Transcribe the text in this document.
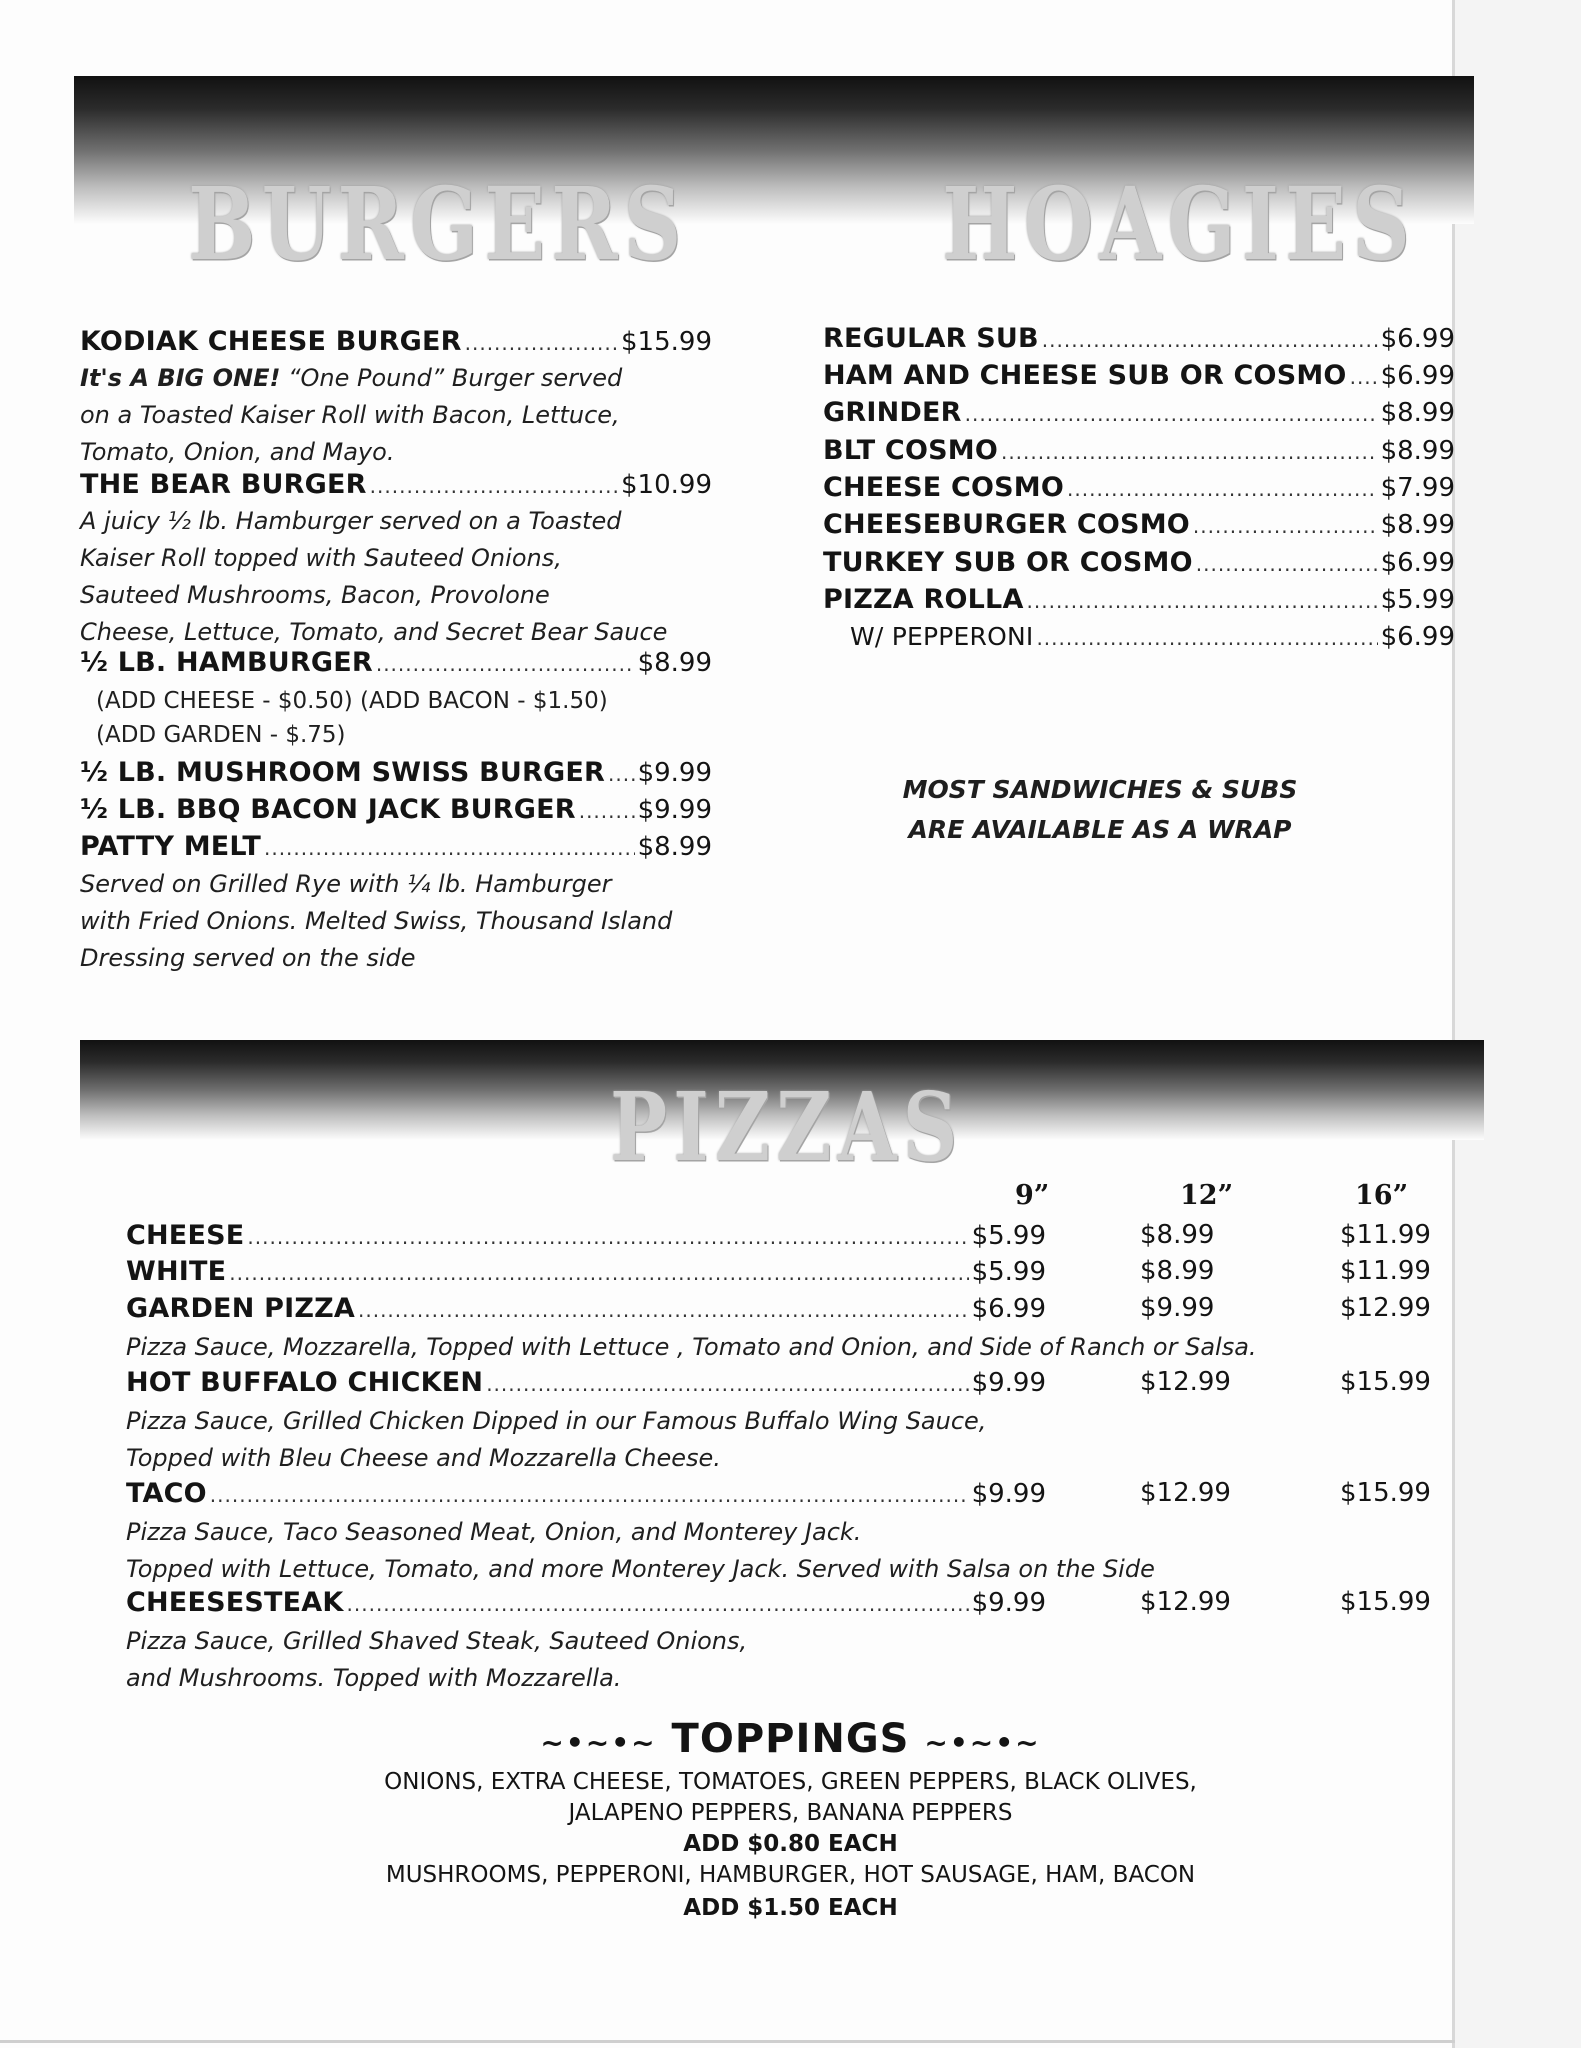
BURGERS	HOAGIES
KODIAK CHEESE BURGER .....	$15.99
It's A BIG ONE! “One Pound” Burger served
on a Toasted Kaiser Roll with Bacon, Lettuce,
Tomato, Onion, and Mayo.
THE BEAR BURGER .....	$10.99
A juicy ½ lb. Hamburger served on a Toasted
Kaiser Roll topped with Sauteed Onions,
Sauteed Mushrooms, Bacon, Provolone
Cheese, Lettuce, Tomato, and Secret Bear Sauce
½ LB. HAMBURGER .....	$8.99
(ADD CHEESE - $0.50) (ADD BACON - $1.50)
(ADD GARDEN - $.75)
½ LB. MUSHROOM SWISS BURGER ..... $9.99
½ LB. BBQ BACON JACK BURGER ..... $9.99
PATTY MELT .....	$8.99
Served on Grilled Rye with ¼ lb. Hamburger
with Fried Onions. Melted Swiss, Thousand Island
Dressing served on the side
REGULAR SUB .....	$6.99
HAM AND CHEESE SUB OR COSMO ..... $6.99
GRINDER .....	$8.99
BLT COSMO .....	$8.99
CHEESE COSMO .....	$7.99
CHEESEBURGER COSMO .....	$8.99
TURKEY SUB OR COSMO .....	$6.99
PIZZA ROLLA .....	$5.99
W/ PEPPERONI .....	$6.99
MOST SANDWICHES & SUBS
ARE AVAILABLE AS A WRAP
PIZZAS
9”	12”	16”
CHEESE .....	$5.99	$8.99	$11.99
WHITE .....	$5.99	$8.99	$11.99
GARDEN PIZZA .....	$6.99	$9.99	$12.99
Pizza Sauce, Mozzarella, Topped with Lettuce , Tomato and Onion, and Side of Ranch or Salsa.
HOT BUFFALO CHICKEN .....	$9.99	$12.99	$15.99
Pizza Sauce, Grilled Chicken Dipped in our Famous Buffalo Wing Sauce,
Topped with Bleu Cheese and Mozzarella Cheese.
TACO .....	$9.99	$12.99	$15.99
Pizza Sauce, Taco Seasoned Meat, Onion, and Monterey Jack.
Topped with Lettuce, Tomato, and more Monterey Jack. Served with Salsa on the Side
CHEESESTEAK .....	$9.99	$12.99	$15.99
Pizza Sauce, Grilled Shaved Steak, Sauteed Onions,
and Mushrooms. Topped with Mozzarella.
~•~•~ TOPPINGS ~•~•~
ONIONS, EXTRA CHEESE, TOMATOES, GREEN PEPPERS, BLACK OLIVES,
JALAPENO PEPPERS, BANANA PEPPERS
ADD $0.80 EACH
MUSHROOMS, PEPPERONI, HAMBURGER, HOT SAUSAGE, HAM, BACON
ADD $1.50 EACH
